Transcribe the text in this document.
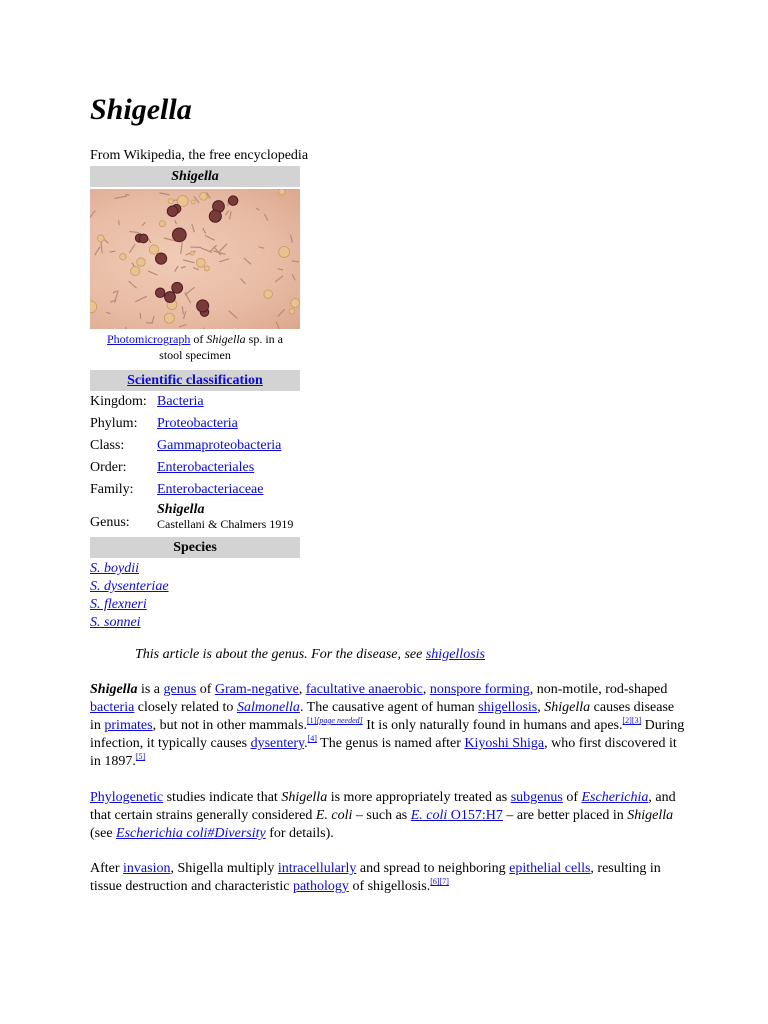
Shigella
From Wikipedia, the free encyclopedia
Shigella
Photomicrograph of Shigella sp. in a stool specimen
Scientific classification
Kingdom: Bacteria
Phylum:	Proteobacteria
Class:	Gammaproteobacteria
Order:	Enterobacteriales
Family:	Enterobacteriaceae
Genus:
Shigella
Castellani & Chalmers 1919
Species
S. boydii
S. dysenteriae
S. flexneri
S. sonnei
This article is about the genus. For the disease, see shigellosis
Shigella is a genus of Gram-negative, facultative anaerobic, nonspore forming, non-motile, rod-shaped bacteria closely related to Salmonella. The causative agent of human shigellosis, Shigella causes disease in primates, but not in other mammals.[1][page needed] It is only naturally found in humans and apes.[2][3] During infection, it typically causes dysentery.[4] The genus is named after Kiyoshi Shiga, who first discovered it in 1897.[5]
Phylogenetic studies indicate that Shigella is more appropriately treated as subgenus of Escherichia, and that certain strains generally considered E. coli – such as E. coli O157:H7 – are better placed in Shigella (see Escherichia coli#Diversity for details).
After invasion, Shigella multiply intracellularly and spread to neighboring epithelial cells, resulting in tissue destruction and characteristic pathology of shigellosis.[6][7]
